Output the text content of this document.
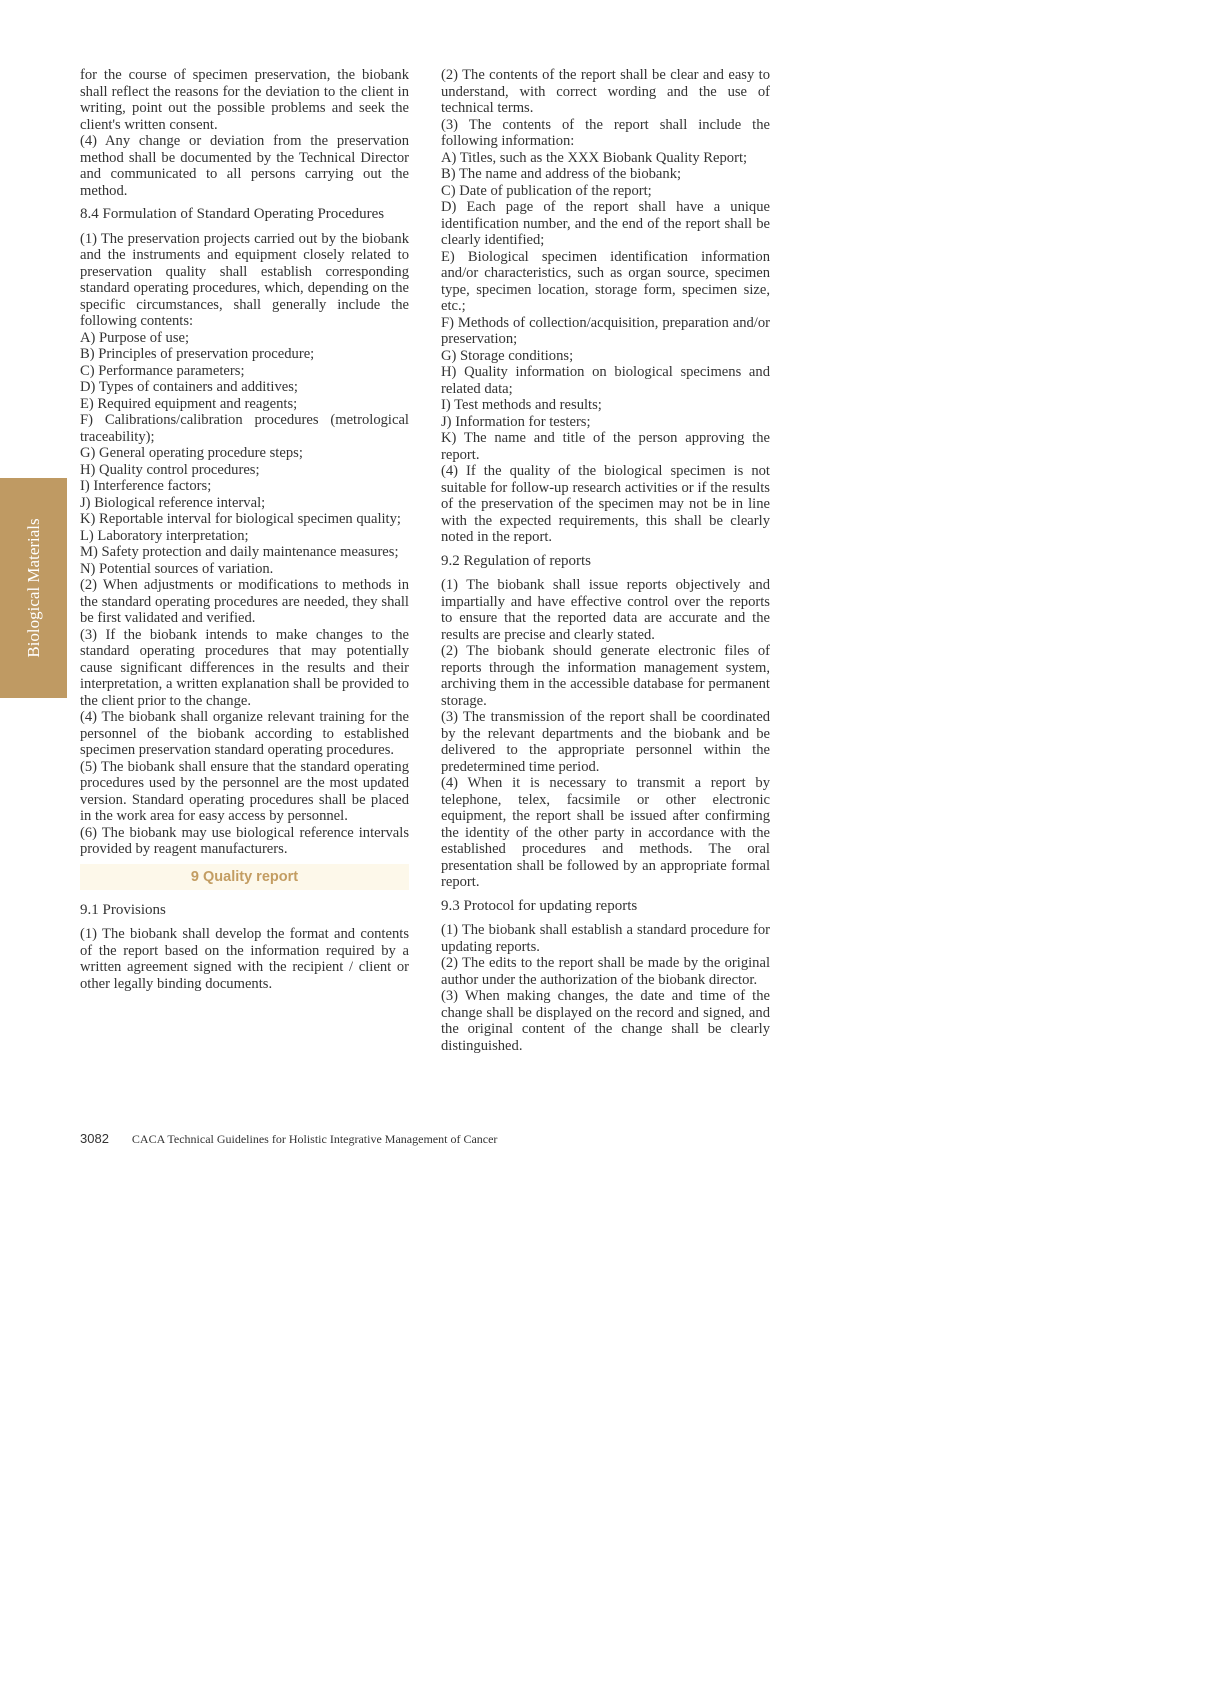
Biological Materials

for the course of specimen preservation, the biobank shall reflect the reasons for the deviation to the client in writing, point out the possible problems and seek the client's written consent.

(4) Any change or deviation from the preservation method shall be documented by the Technical Director and communicated to all persons carrying out the method.

8.4 Formulation of Standard Operating Procedures

(1) The preservation projects carried out by the biobank and the instruments and equipment closely related to preservation quality shall establish corresponding standard operating procedures, which, depending on the specific circumstances, shall generally include the following contents:

A) Purpose of use;

B) Principles of preservation procedure;

C) Performance parameters;

D) Types of containers and additives;

E) Required equipment and reagents;

F) Calibrations/calibration procedures (metrological traceability);

G) General operating procedure steps;

H) Quality control procedures;

I) Interference factors;

J) Biological reference interval;

K) Reportable interval for biological specimen quality;

L) Laboratory interpretation;

M) Safety protection and daily maintenance measures;

N) Potential sources of variation.

(2) When adjustments or modifications to methods in the standard operating procedures are needed, they shall be first validated and verified.

(3) If the biobank intends to make changes to the standard operating procedures that may potentially cause significant differences in the results and their interpretation, a written explanation shall be provided to the client prior to the change.

(4) The biobank shall organize relevant training for the personnel of the biobank according to established specimen preservation standard operating procedures.

(5) The biobank shall ensure that the standard operating procedures used by the personnel are the most updated version. Standard operating procedures shall be placed in the work area for easy access by personnel.

(6) The biobank may use biological reference intervals provided by reagent manufacturers.

9 Quality report
9.1 Provisions

(1) The biobank shall develop the format and contents of the report based on the information required by a written agreement signed with the recipient / client or other legally binding documents.

(2) The contents of the report shall be clear and easy to understand, with correct wording and the use of technical terms.

(3) The contents of the report shall include the following information:

A) Titles, such as the XXX Biobank Quality Report;

B) The name and address of the biobank;

C) Date of publication of the report;

D) Each page of the report shall have a unique identification number, and the end of the report shall be clearly identified;

E) Biological specimen identification information and/or characteristics, such as organ source, specimen type, specimen location, storage form, specimen size, etc.;

F) Methods of collection/acquisition, preparation and/or preservation;

G) Storage conditions;

H) Quality information on biological specimens and related data;

I) Test methods and results;

J) Information for testers;

K) The name and title of the person approving the report.

(4) If the quality of the biological specimen is not suitable for follow-up research activities or if the results of the preservation of the specimen may not be in line with the expected requirements, this shall be clearly noted in the report.

9.2 Regulation of reports

(1) The biobank shall issue reports objectively and impartially and have effective control over the reports to ensure that the reported data are accurate and the results are precise and clearly stated.

(2) The biobank should generate electronic files of reports through the information management system, archiving them in the accessible database for permanent storage.

(3) The transmission of the report shall be coordinated by the relevant departments and the biobank and be delivered to the appropriate personnel within the predetermined time period.

(4) When it is necessary to transmit a report by telephone, telex, facsimile or other electronic equipment, the report shall be issued after confirming the identity of the other party in accordance with the established procedures and methods. The oral presentation shall be followed by an appropriate formal report.

9.3 Protocol for updating reports

(1) The biobank shall establish a standard procedure for updating reports.

(2) The edits to the report shall be made by the original author under the authorization of the biobank director.

(3) When making changes, the date and time of the change shall be displayed on the record and signed, and the original content of the change shall be clearly distinguished.

3082 CACA Technical Guidelines for Holistic Integrative Management of Cancer
